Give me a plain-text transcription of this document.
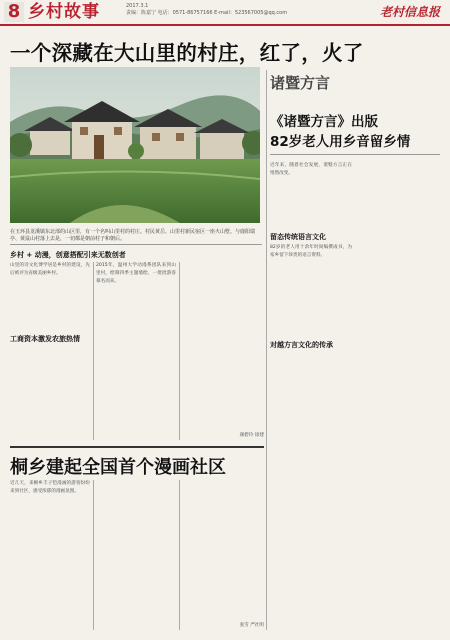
8 乡村故事	2017.3.1
责编：陈嘉宁 电话：0571-86757166 E-mail：523567005@qq.com	老村信息报
一个深藏在大山里的村庄，红了，火了
在玉环县龙溪镇东北部的山区里，有一个名叫山里村的村庄。村民黄岳、山里村新民宿区一座火山墅。与鹿阳瑞亭、黄鼠山村落上去是，一切都是朝前村子和朝后。
乡村 + 动漫，创意搭配引来无数创者
山里的诗文化博学居是乡村的建设，先后被评为省级美丽乡村。
2015年，温州大学动漫系团队来到山里村，绘制四季主题墙绘，一批批游客慕名而来。
颜碧玲 徐建
工商资本激发农旅热情
诸暨方言
《诸暨方言》出版
82岁老人用乡音留乡情
近年来，随着社会发展，诸暨方言正在悄然改变。
留态传统语言文化
82岁的老人用十余年时间编撰成书，为家乡留下珍贵的语言资料。
对越方言文化的传承
桐乡建起全国首个漫画社区
近几天，来桐乡丰子恺漫画的游客纷纷来到社区，感受浓郁的漫画氛围。
张雪 严社明
